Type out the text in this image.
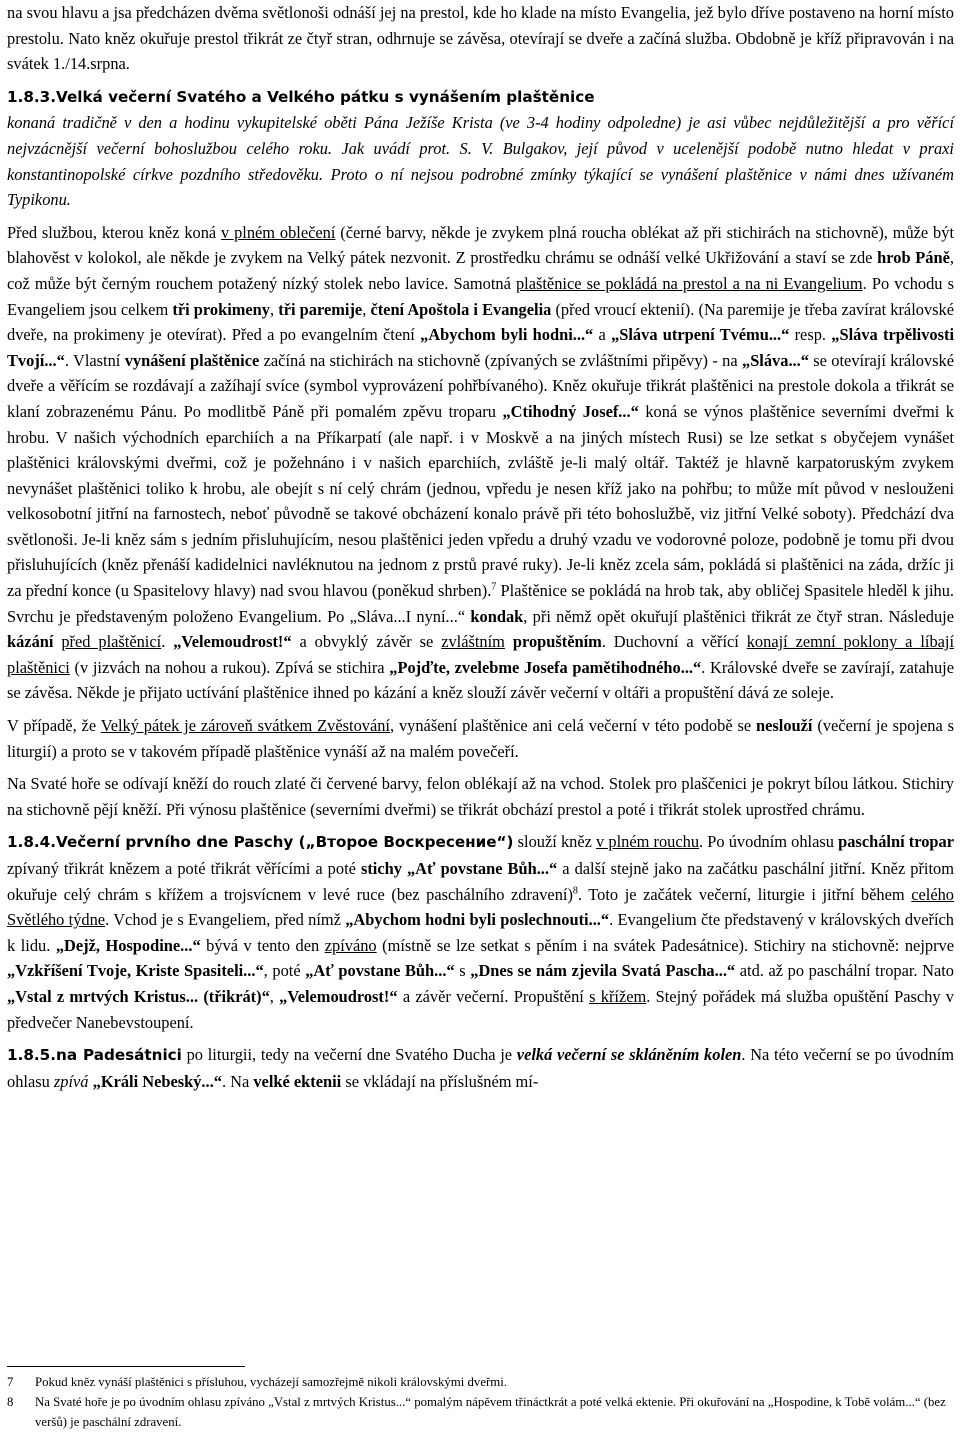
na svou hlavu a jsa předcházen dvěma světlonoši odnáší jej na prestol, kde ho klade na místo Evangelia, jež bylo dříve postaveno na horní místo prestolu. Nato kněz okuřuje prestol třikrát ze čtyř stran, odhrnuje se závěsa, otevírají se dveře a začíná služba. Obdobně je kříž připravován i na svátek 1./14.srpna.

1.8.3.Velká večerní Svatého a Velkého pátku s vynášením plaštěnice

konaná tradičně v den a hodinu vykupitelské oběti Pána Ježíše Krista (ve 3-4 hodiny odpoledne) je asi vůbec nejdůležitější a pro věřící nejvzácnější večerní bohoslužbou celého roku. Jak uvádí prot. S. V. Bulgakov, její původ v ucelenější podobě nutno hledat v praxi konstantinopolské církve pozdního středověku. Proto o ní nejsou podrobné zmínky týkající se vynášení plaštěnice v námi dnes užívaném Typikonu.

Před službou, kterou kněz koná v plném oblečení (černé barvy, někde je zvykem plná roucha oblékat až při stichirách na stichovně), může být blahověst v kolokol, ale někde je zvykem na Velký pátek nezvonit. Z prostředku chrámu se odnáší velké Ukřižování a staví se zde hrob Páně, což může být černým rouchem potažený nízký stolek nebo lavice. Samotná plaštěnice se pokládá na prestol a na ni Evangelium. Po vchodu s Evangeliem jsou celkem tři prokimeny, tři paremije, čtení Apoštola i Evangelia (před vroucí ektenií). (Na paremije je třeba zavírat královské dveře, na prokimeny je otevírat). Před a po evangelním čtení „Abychom byli hodni...“ a „Sláva utrpení Tvému...“ resp. „Sláva trpělivosti Tvojí...“. Vlastní vynášení plaštěnice začíná na stichirách na stichovně (zpívaných se zvláštními připěvy) - na „Sláva...“ se otevírají královské dveře a věřícím se rozdávají a zažíhají svíce (symbol vyprovázení pohřbívaného). Kněz okuřuje třikrát plaštěnici na prestole dokola a třikrát se klaní zobrazenému Pánu. Po modlitbě Páně při pomalém zpěvu troparu „Ctihodný Josef...“ koná se výnos plaštěnice severními dveřmi k hrobu. V našich východních eparchiích a na Příkarpatí (ale např. i v Moskvě a na jiných místech Rusi) se lze setkat s obyčejem vynášet plaštěnici královskými dveřmi, což je požehnáno i v našich eparchiích, zvláště je-li malý oltář. Taktéž je hlavně karpatoruským zvykem nevynášet plaštěnici toliko k hrobu, ale obejít s ní celý chrám (jednou, vpředu je nesen kříž jako na pohřbu; to může mít původ v neslouženi velkosobotní jitřní na farnostech, neboť původně se takové obcházení konalo právě při této bohoslužbě, viz jitřní Velké soboty). Předchází dva světlonoši. Je-li kněz sám s jedním přisluhujícím, nesou plaštěnici jeden vpředu a druhý vzadu ve vodorovné poloze, podobně je tomu při dvou přisluhujících (kněz přenáší kadidelnici navléknutou na jednom z prstů pravé ruky). Je-li kněz zcela sám, pokládá si plaštěnici na záda, držíc ji za přední konce (u Spasitelovy hlavy) nad svou hlavou (poněkud shrben).$^7$ Plaštěnice se pokládá na hrob tak, aby obličej Spasitele hleděl k jihu. Svrchu je představeným položeno Evangelium. Po „Sláva...I nyní...“ kondak, při němž opět okuřují plaštěnici třikrát ze čtyř stran. Následuje kázání před plaštěnicí. „Velemoudrost!“ a obvyklý závěr se zvláštním propuštěním. Duchovní a věřící konají zemní poklony a líbají plaštěnici (v jizvách na nohou a rukou). Zpívá se stichira „Pojďte, zvelebme Josefa pamětihodného...“. Královské dveře se zavírají, zatahuje se závěsa. Někde je přijato uctívání plaštěnice ihned po kázání a kněz slouží závěr večerní v oltáři a propuštění dává ze soleje.

V případě, že Velký pátek je zároveň svátkem Zvěstování, vynášení plaštěnice ani celá večerní v této podobě se neslouží (večerní je spojena s liturgií) a proto se v takovém případě plaštěnice vynáší až na malém povečeří.

Na Svaté hoře se odívají kněží do rouch zlaté či červené barvy, felon oblékají až na vchod. Stolek pro plaščenici je pokryt bílou látkou. Stichiry na stichovně pějí kněží. Při výnosu plaštěnice (severními dveřmi) se třikrát obchází prestol a poté i třikrát stolek uprostřed chrámu.

1.8.4.Večerní prvního dne Paschy („Вторoе Воскресение“) slouží kněz v plném rouchu. Po úvodním ohlasu paschální tropar zpívaný třikrát knězem a poté třikrát věřícími a poté stichy „Ať povstane Bůh...“ a další stejně jako na začátku paschální jitřní. Kněz přitom okuřuje celý chrám s křížem a trojsvícnem v levé ruce (bez paschálního zdravení)$^8$. Toto je začátek večerní, liturgie i jitřní během celého Světlého týdne. Vchod je s Evangeliem, před nímž „Abychom hodni byli poslechnouti...“. Evangelium čte představený v královských dveřích k lidu. „Dejž, Hospodine...“ bývá v tento den zpíváno (místně se lze setkat s pěním i na svátek Padesátnice). Stichiry na stichovně: nejprve „Vzkříšení Tvoje, Kriste Spasiteli...“, poté „Ať povstane Bůh...“ s „Dnes se nám zjevila Svatá Pascha...“ atd. až po paschální tropar. Nato „Vstal z mrtvých Kristus... (třikrát)“, „Velemoudrost!“ a závěr večerní. Propuštění s křížem. Stejný pořádek má služba opuštění Paschy v předvečer Nanebevstoupení.

1.8.5.na Padesátnici po liturgii, tedy na večerní dne Svatého Ducha je velká večerní se skláněním kolen. Na této večerní se po úvodním ohlasu zpívá „Králi Nebeský...“. Na velké ektenii se vkládají na příslušném mí-

7	Pokud kněz vynáší plaštěnici s přísluhou, vycházejí samozřejmě nikoli královskými dveřmi.
8	Na Svaté hoře je po úvodním ohlasu zpíváno „Vstal z mrtvých Kristus...“ pomalým nápěvem třináctkrát a poté velká ektenie. Při okuřování na „Hospodine, k Tobě volám...“ (bez veršů) je paschální zdravení.
